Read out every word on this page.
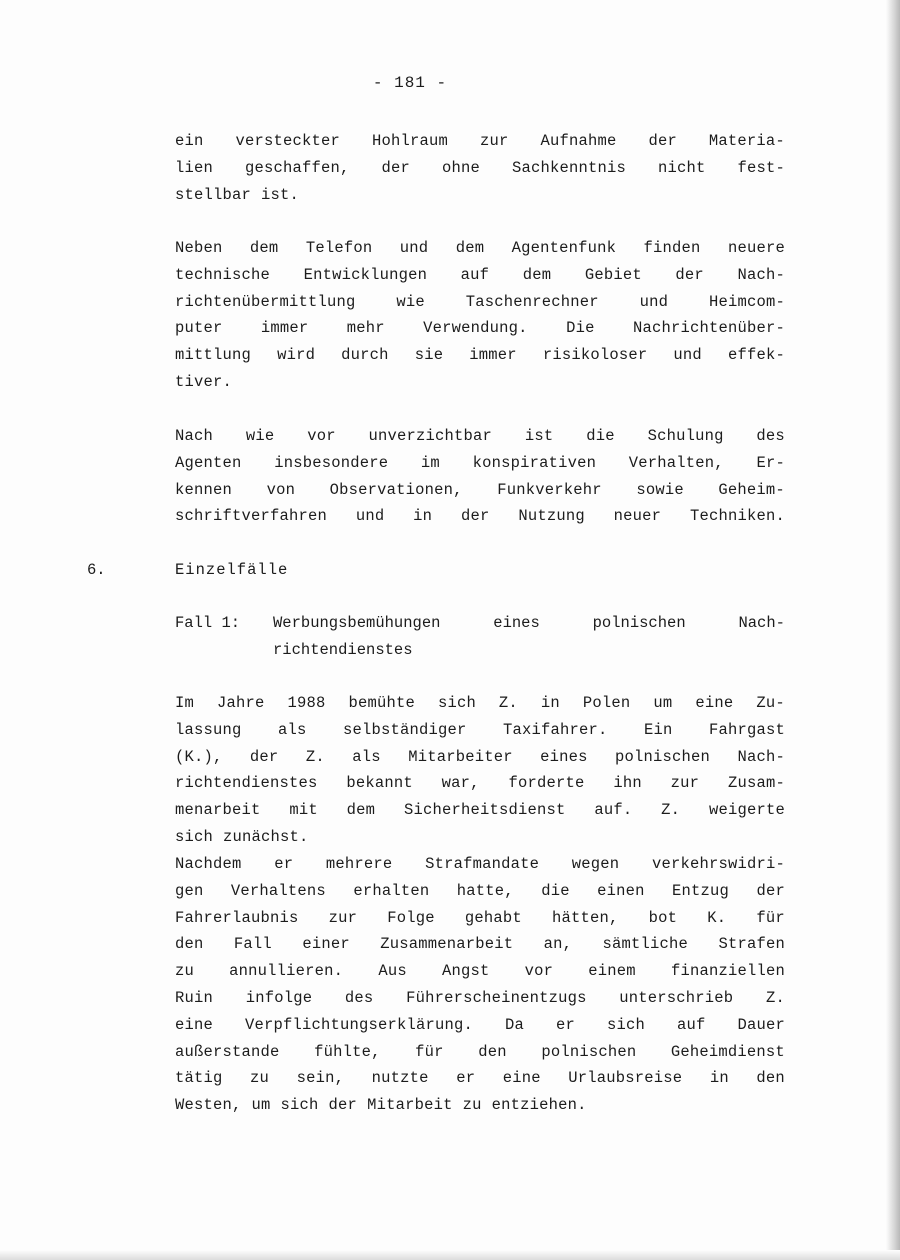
- 181 -
ein versteckter Hohlraum zur Aufnahme der Materia-
lien geschaffen, der ohne Sachkenntnis nicht fest-
stellbar ist.
Neben dem Telefon und dem Agentenfunk finden neuere
technische Entwicklungen auf dem Gebiet der Nach-
richtenübermittlung	wie	Taschenrechner	und	Heimcom-
puter immer mehr Verwendung. Die Nachrichtenüber-
mittlung wird durch sie immer risikoloser und effek-
tiver.
Nach wie vor unverzichtbar ist die Schulung des
Agenten insbesondere im konspirativen Verhalten, Er-
kennen von Observationen, Funkverkehr sowie Geheim-
schriftverfahren und in der Nutzung neuer Techniken.
6.	Einzelfälle
Fall 1: Werbungsbemühungen	eines	polnischen	Nach-
richtendienstes
Im Jahre 1988 bemühte sich Z. in Polen um eine Zu-
lassung als selbständiger Taxifahrer. Ein Fahrgast
(K.), der Z. als Mitarbeiter eines polnischen Nach-
richtendienstes bekannt war, forderte ihn zur Zusam-
menarbeit mit dem Sicherheitsdienst auf. Z. weigerte
sich zunächst.
Nachdem er mehrere Strafmandate wegen verkehrswidri-
gen Verhaltens erhalten hatte, die einen Entzug der
Fahrerlaubnis zur Folge gehabt hätten, bot K. für
den Fall einer Zusammenarbeit an, sämtliche Strafen
zu annullieren. Aus Angst vor einem finanziellen
Ruin infolge des Führerscheinentzugs unterschrieb Z.
eine Verpflichtungserklärung. Da er sich auf Dauer
außerstande fühlte, für den polnischen Geheimdienst
tätig zu sein, nutzte er eine Urlaubsreise in den
Westen, um sich der Mitarbeit zu entziehen.
